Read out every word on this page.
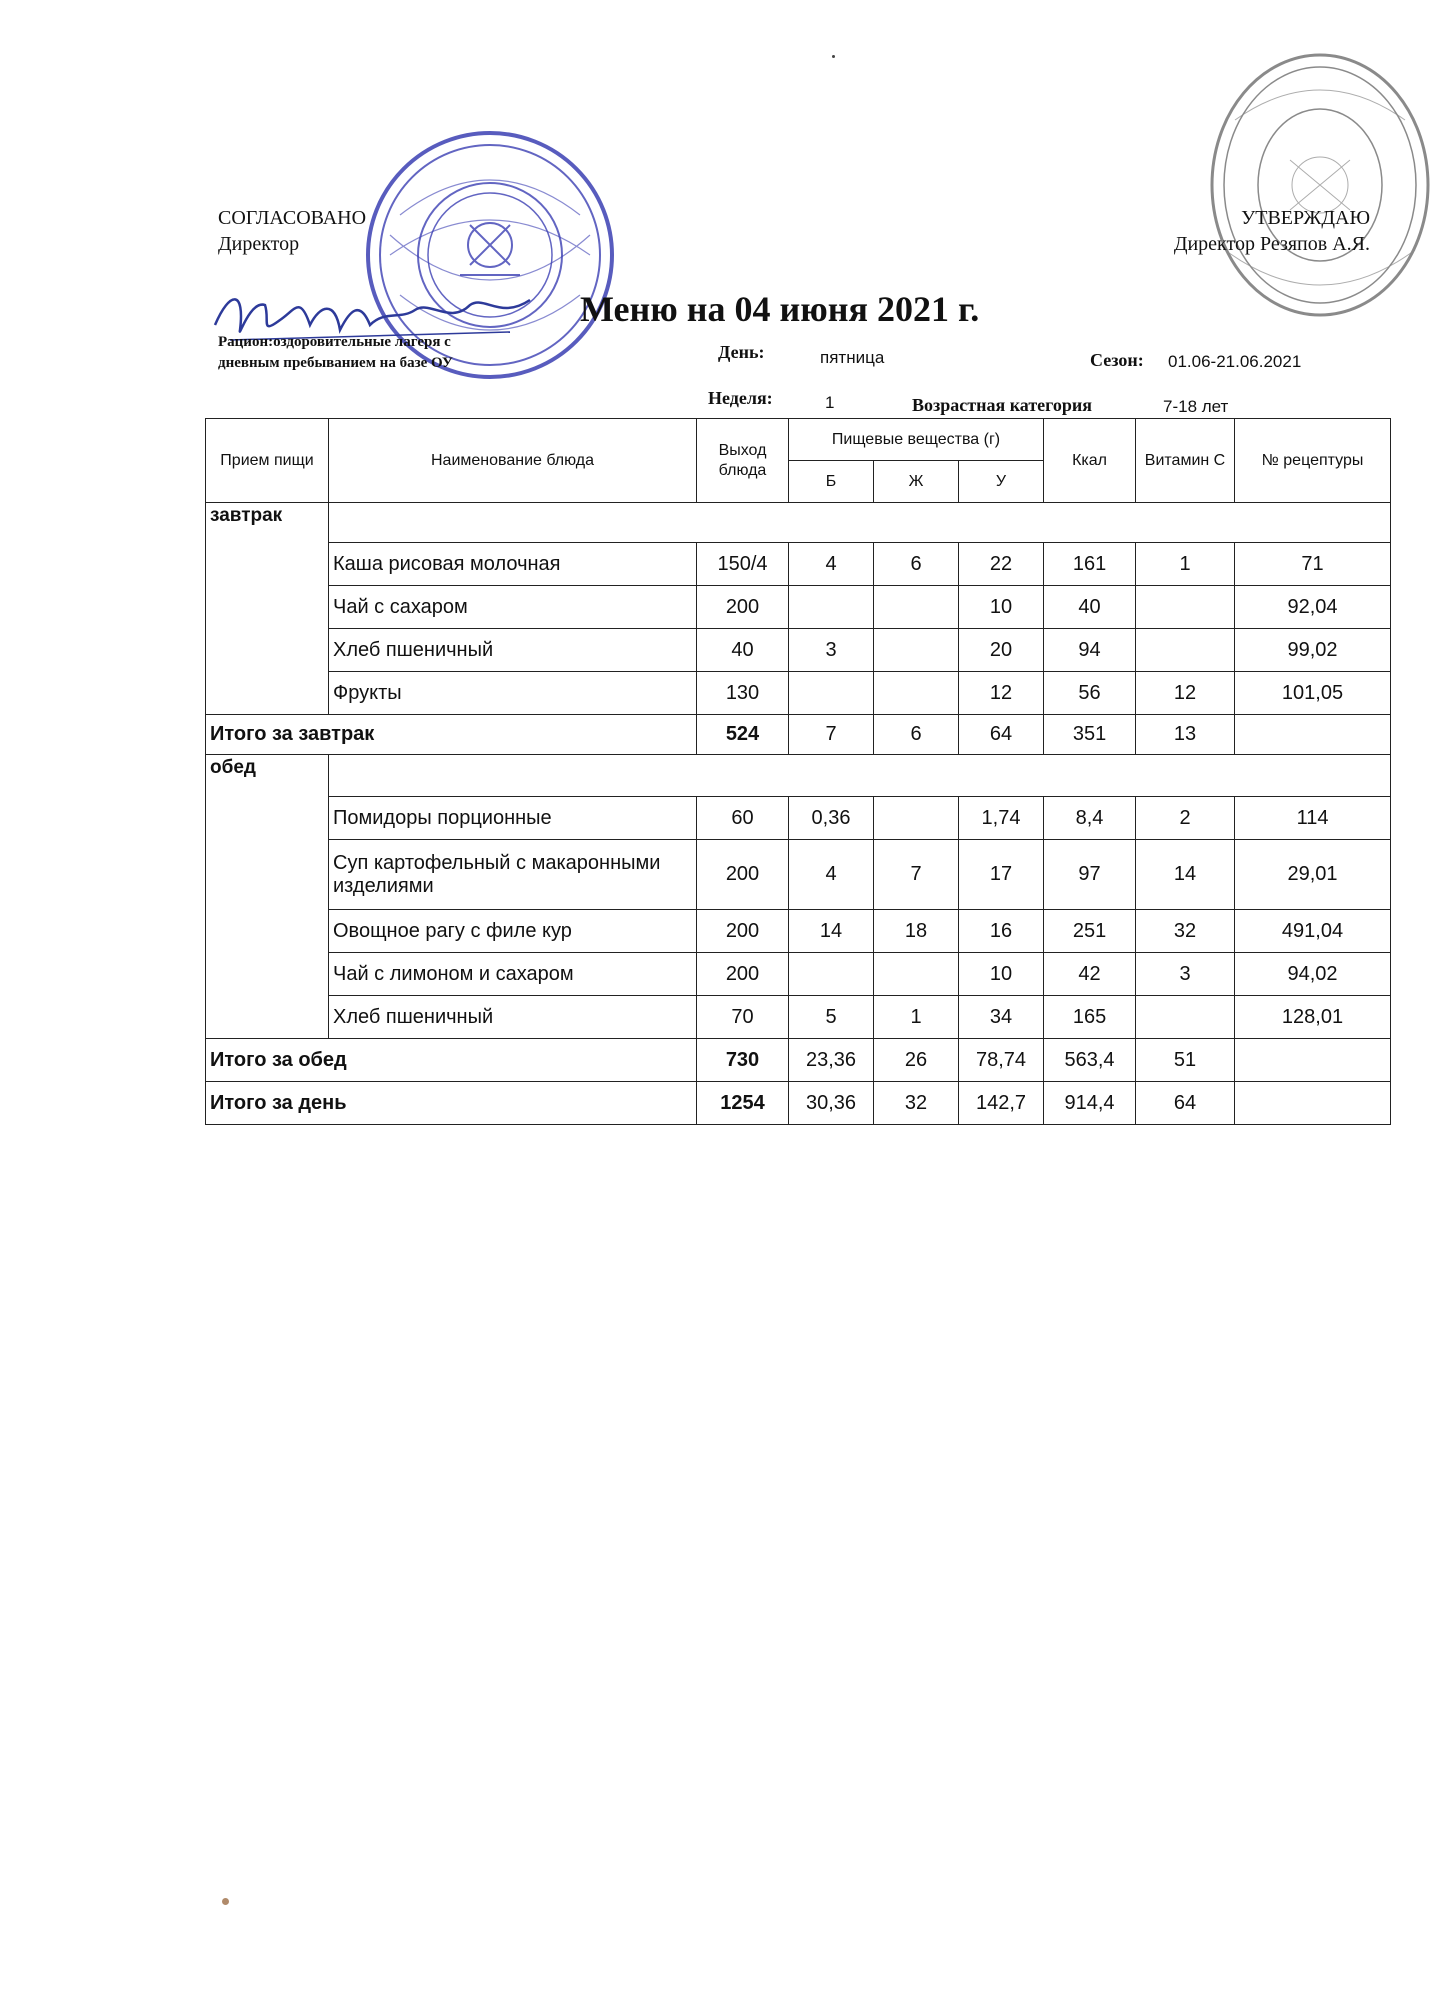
СОГЛАСОВАНО
Директор
УТВЕРЖДАЮ
Директор Резяпов А.Я.
Меню на 04 июня 2021 г.
Рацион:оздоровительные лагеря с дневным пребыванием на базе ОУ
День:	пятница	Сезон: 01.06-21.06.2021
Неделя:	1	Возрастная категория	7-18 лет
Прием пищи	Наименование блюда	Выход блюда	Пищевые вещества (г)			Ккал	Витамин С	№ рецептуры
			Б	Ж	У			
завтрак								
	Каша рисовая молочная	150/4	4	6	22	161	1	71
	Чай с сахаром	200			10	40		92,04
	Хлеб пшеничный	40	3		20	94		99,02
	Фрукты	130			12	56	12	101,05
Итого за завтрак		524	7	6	64	351	13	
обед								
	Помидоры порционные	60	0,36		1,74	8,4	2	114
	Суп картофельный с макаронными изделиями	200	4	7	17	97	14	29,01
	Овощное рагу с филе кур	200	14	18	16	251	32	491,04
	Чай с лимоном и сахаром	200			10	42	3	94,02
	Хлеб пшеничный	70	5	1	34	165		128,01
Итого за обед		730	23,36	26	78,74	563,4	51	
Итого за день		1254	30,36	32	142,7	914,4	64	
